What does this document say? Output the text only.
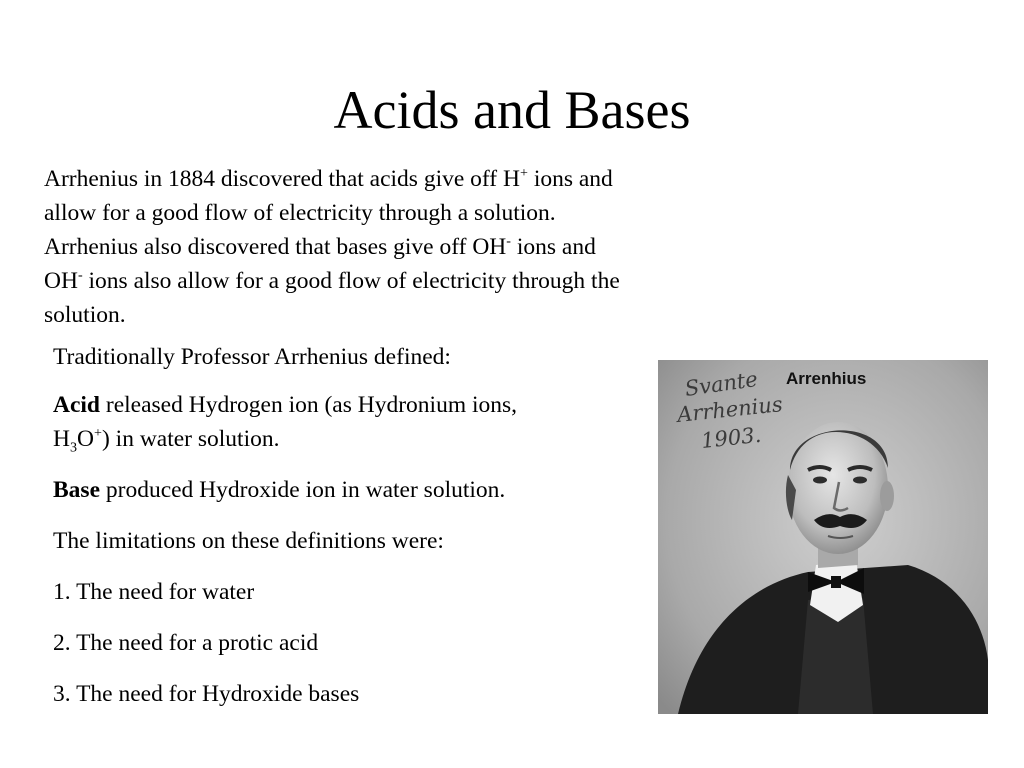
Acids and Bases
Arrhenius in 1884 discovered that acids give off H+ ions and
allow for a good flow of electricity through a solution.
Arrhenius also discovered that bases give off OH- ions and
OH- ions also allow for a good flow of electricity through the
solution.

Traditionally Professor Arrhenius defined:

Acid released Hydrogen ion (as Hydronium ions,
$H_3O^+$) in water solution.

Base produced Hydroxide ion in water solution.

The limitations on these definitions were:

1. The need for water

2. The need for a protic acid

3. The need for Hydroxide bases

Arrenhius
Svante
Arrhenius
1903.
